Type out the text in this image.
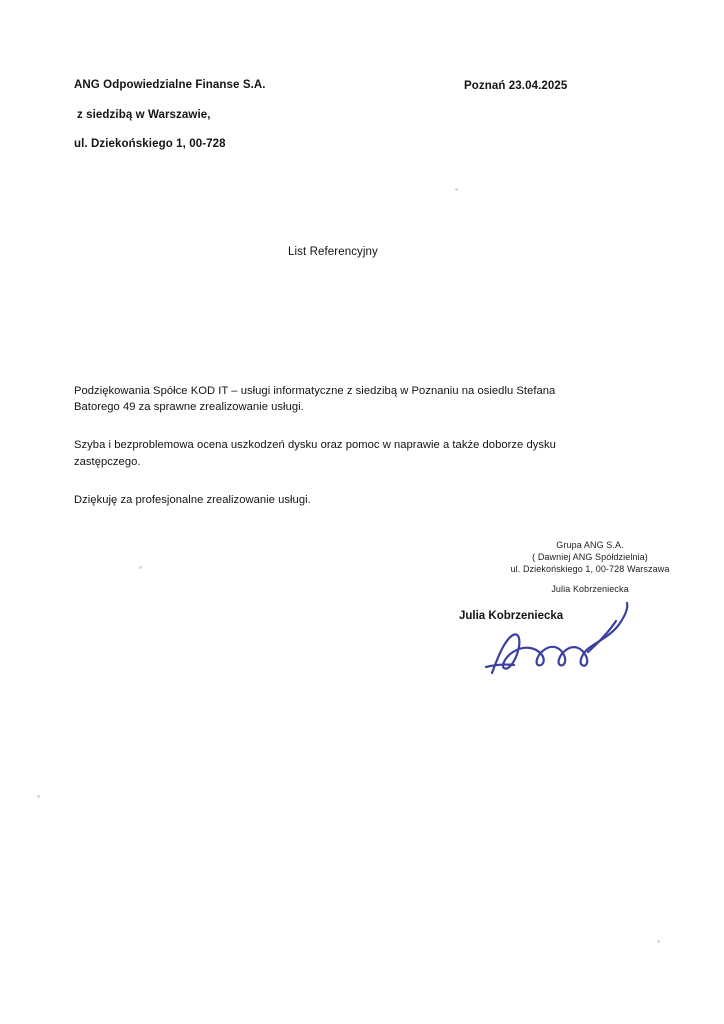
ANG Odpowiedzialne Finanse S.A.
z siedzibą w Warszawie,
ul. Dziekońskiego 1, 00-728
Poznań 23.04.2025
List Referencyjny

Podziękowania Spółce KOD IT – usługi informatyczne z siedzibą w Poznaniu na osiedlu Stefana Batorego 49 za sprawne zrealizowanie usługi.

Szyba i bezproblemowa ocena uszkodzeń dysku oraz pomoc w naprawie a także doborze dysku zastępczego.

Dziękuję za profesjonalne zrealizowanie usługi.

Grupa ANG S.A.
( Dawniej ANG Spółdzielnia)
ul. Dziekońskiego 1, 00-728 Warszawa
Julia Kobrzeniecka
Julia Kobrzeniecka
